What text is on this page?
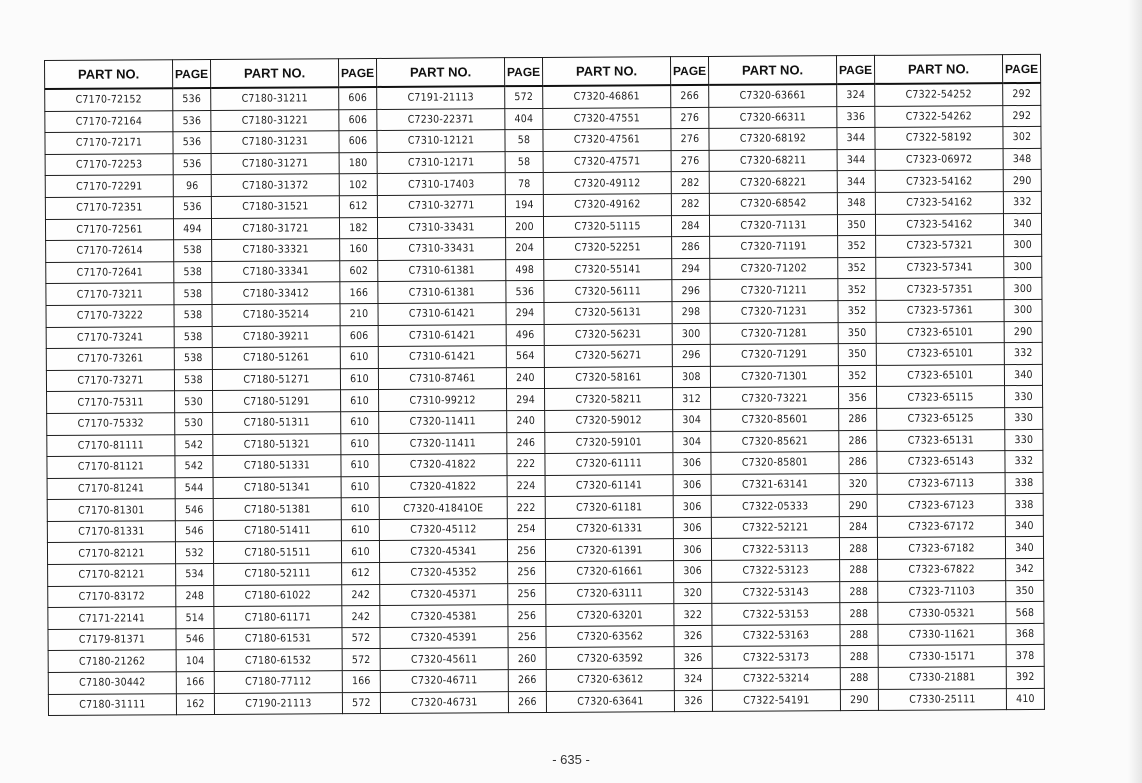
PART NO.	PAGE	PART NO.	PAGE	PART NO.	PAGE	PART NO.	PAGE	PART NO.	PAGE	PART NO.	PAGE
C7170-72152	536	C7180-31211	606	C7191-21113	572	C7320-46861	266	C7320-63661	324	C7322-54252	292
C7170-72164	536	C7180-31221	606	C7230-22371	404	C7320-47551	276	C7320-66311	336	C7322-54262	292
C7170-72171	536	C7180-31231	606	C7310-12121	58	C7320-47561	276	C7320-68192	344	C7322-58192	302
C7170-72253	536	C7180-31271	180	C7310-12171	58	C7320-47571	276	C7320-68211	344	C7323-06972	348
C7170-72291	96	C7180-31372	102	C7310-17403	78	C7320-49112	282	C7320-68221	344	C7323-54162	290
C7170-72351	536	C7180-31521	612	C7310-32771	194	C7320-49162	282	C7320-68542	348	C7323-54162	332
C7170-72561	494	C7180-31721	182	C7310-33431	200	C7320-51115	284	C7320-71131	350	C7323-54162	340
C7170-72614	538	C7180-33321	160	C7310-33431	204	C7320-52251	286	C7320-71191	352	C7323-57321	300
C7170-72641	538	C7180-33341	602	C7310-61381	498	C7320-55141	294	C7320-71202	352	C7323-57341	300
C7170-73211	538	C7180-33412	166	C7310-61381	536	C7320-56111	296	C7320-71211	352	C7323-57351	300
C7170-73222	538	C7180-35214	210	C7310-61421	294	C7320-56131	298	C7320-71231	352	C7323-57361	300
C7170-73241	538	C7180-39211	606	C7310-61421	496	C7320-56231	300	C7320-71281	350	C7323-65101	290
C7170-73261	538	C7180-51261	610	C7310-61421	564	C7320-56271	296	C7320-71291	350	C7323-65101	332
C7170-73271	538	C7180-51271	610	C7310-87461	240	C7320-58161	308	C7320-71301	352	C7323-65101	340
C7170-75311	530	C7180-51291	610	C7310-99212	294	C7320-58211	312	C7320-73221	356	C7323-65115	330
C7170-75332	530	C7180-51311	610	C7320-11411	240	C7320-59012	304	C7320-85601	286	C7323-65125	330
C7170-81111	542	C7180-51321	610	C7320-11411	246	C7320-59101	304	C7320-85621	286	C7323-65131	330
C7170-81121	542	C7180-51331	610	C7320-41822	222	C7320-61111	306	C7320-85801	286	C7323-65143	332
C7170-81241	544	C7180-51341	610	C7320-41822	224	C7320-61141	306	C7321-63141	320	C7323-67113	338
C7170-81301	546	C7180-51381	610	C7320-41841OE	222	C7320-61181	306	C7322-05333	290	C7323-67123	338
C7170-81331	546	C7180-51411	610	C7320-45112	254	C7320-61331	306	C7322-52121	284	C7323-67172	340
C7170-82121	532	C7180-51511	610	C7320-45341	256	C7320-61391	306	C7322-53113	288	C7323-67182	340
C7170-82121	534	C7180-52111	612	C7320-45352	256	C7320-61661	306	C7322-53123	288	C7323-67822	342
C7170-83172	248	C7180-61022	242	C7320-45371	256	C7320-63111	320	C7322-53143	288	C7323-71103	350
C7171-22141	514	C7180-61171	242	C7320-45381	256	C7320-63201	322	C7322-53153	288	C7330-05321	568
C7179-81371	546	C7180-61531	572	C7320-45391	256	C7320-63562	326	C7322-53163	288	C7330-11621	368
C7180-21262	104	C7180-61532	572	C7320-45611	260	C7320-63592	326	C7322-53173	288	C7330-15171	378
C7180-30442	166	C7180-77112	166	C7320-46711	266	C7320-63612	324	C7322-53214	288	C7330-21881	392
C7180-31111	162	C7190-21113	572	C7320-46731	266	C7320-63641	326	C7322-54191	290	C7330-25111	410
- 635 -
